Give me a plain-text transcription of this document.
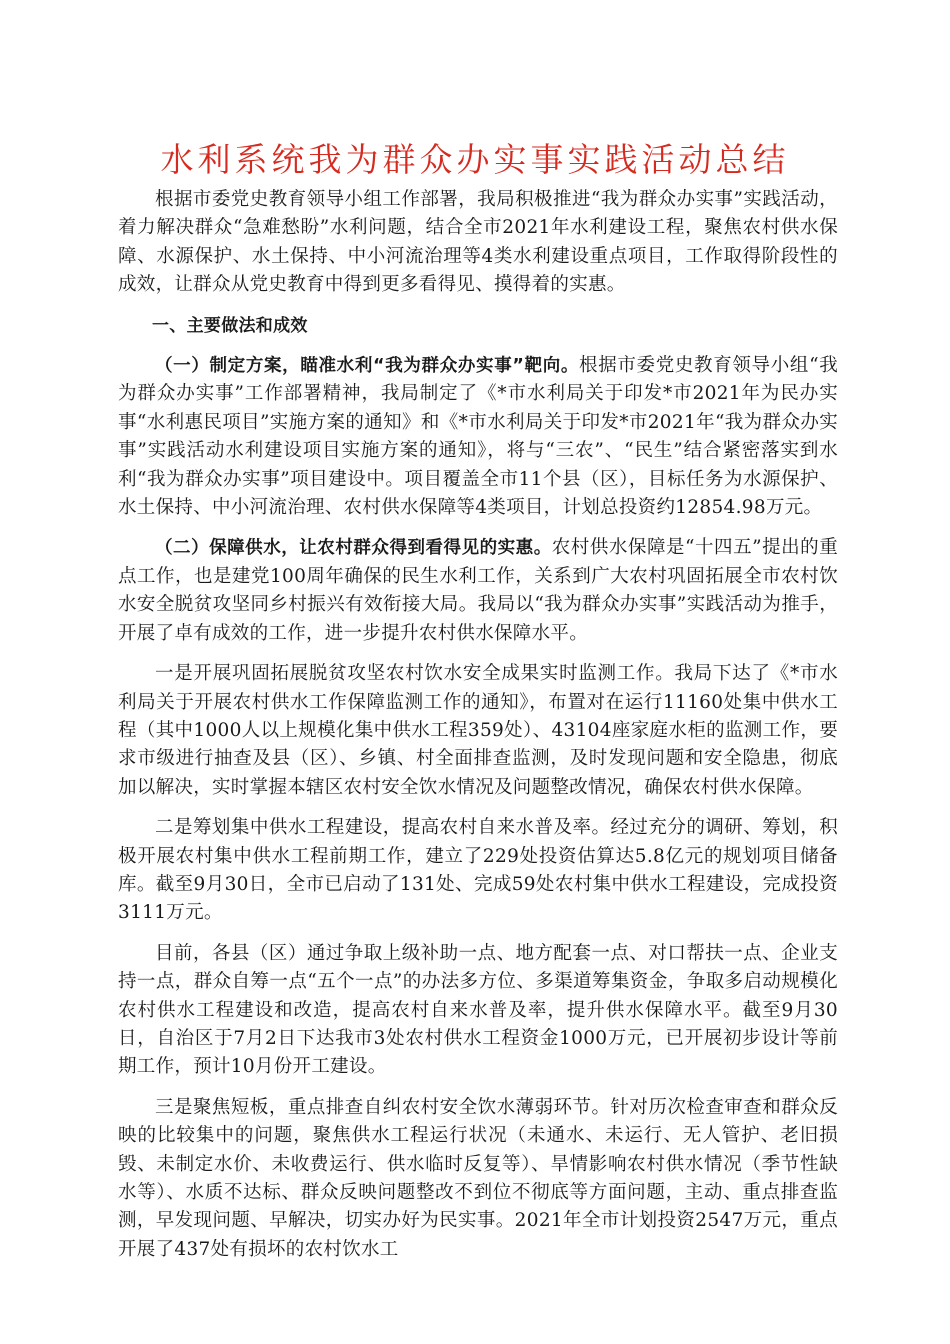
水利系统我为群众办实事实践活动总结

根据市委党史教育领导小组工作部署，我局积极推进“我为群众办实事”实践活动，着力解决群众“急难愁盼”水利问题，结合全市2021年水利建设工程，聚焦农村供水保障、水源保护、水土保持、中小河流治理等4类水利建设重点项目，工作取得阶段性的成效，让群众从党史教育中得到更多看得见、摸得着的实惠。

一、主要做法和成效

（一）制定方案，瞄准水利“我为群众办实事”靶向。根据市委党史教育领导小组“我为群众办实事”工作部署精神，我局制定了《*市水利局关于印发*市2021年为民办实事“水利惠民项目”实施方案的通知》和《*市水利局关于印发*市2021年“我为群众办实事”实践活动水利建设项目实施方案的通知》，将与“三农”、“民生”结合紧密落实到水利“我为群众办实事”项目建设中。项目覆盖全市11个县（区），目标任务为水源保护、水土保持、中小河流治理、农村供水保障等4类项目，计划总投资约12854.98万元。

（二）保障供水，让农村群众得到看得见的实惠。农村供水保障是“十四五”提出的重点工作，也是建党100周年确保的民生水利工作，关系到广大农村巩固拓展全市农村饮水安全脱贫攻坚同乡村振兴有效衔接大局。我局以“我为群众办实事”实践活动为推手，开展了卓有成效的工作，进一步提升农村供水保障水平。

一是开展巩固拓展脱贫攻坚农村饮水安全成果实时监测工作。我局下达了《*市水利局关于开展农村供水工作保障监测工作的通知》，布置对在运行11160处集中供水工程（其中1000人以上规模化集中供水工程359处）、43104座家庭水柜的监测工作，要求市级进行抽查及县（区）、乡镇、村全面排查监测，及时发现问题和安全隐患，彻底加以解决，实时掌握本辖区农村安全饮水情况及问题整改情况，确保农村供水保障。

二是筹划集中供水工程建设，提高农村自来水普及率。经过充分的调研、筹划，积极开展农村集中供水工程前期工作，建立了229处投资估算达5.8亿元的规划项目储备库。截至9月30日，全市已启动了131处、完成59处农村集中供水工程建设，完成投资3111万元。

目前，各县（区）通过争取上级补助一点、地方配套一点、对口帮扶一点、企业支持一点，群众自筹一点“五个一点”的办法多方位、多渠道筹集资金，争取多启动规模化农村供水工程建设和改造，提高农村自来水普及率，提升供水保障水平。截至9月30日，自治区于7月2日下达我市3处农村供水工程资金1000万元，已开展初步设计等前期工作，预计10月份开工建设。

三是聚焦短板，重点排查自纠农村安全饮水薄弱环节。针对历次检查审查和群众反映的比较集中的问题，聚焦供水工程运行状况（未通水、未运行、无人管护、老旧损毁、未制定水价、未收费运行、供水临时反复等）、旱情影响农村供水情况（季节性缺水等）、水质不达标、群众反映问题整改不到位不彻底等方面问题，主动、重点排查监测，早发现问题、早解决，切实办好为民实事。2021年全市计划投资2547万元，重点开展了437处有损坏的农村饮水工
